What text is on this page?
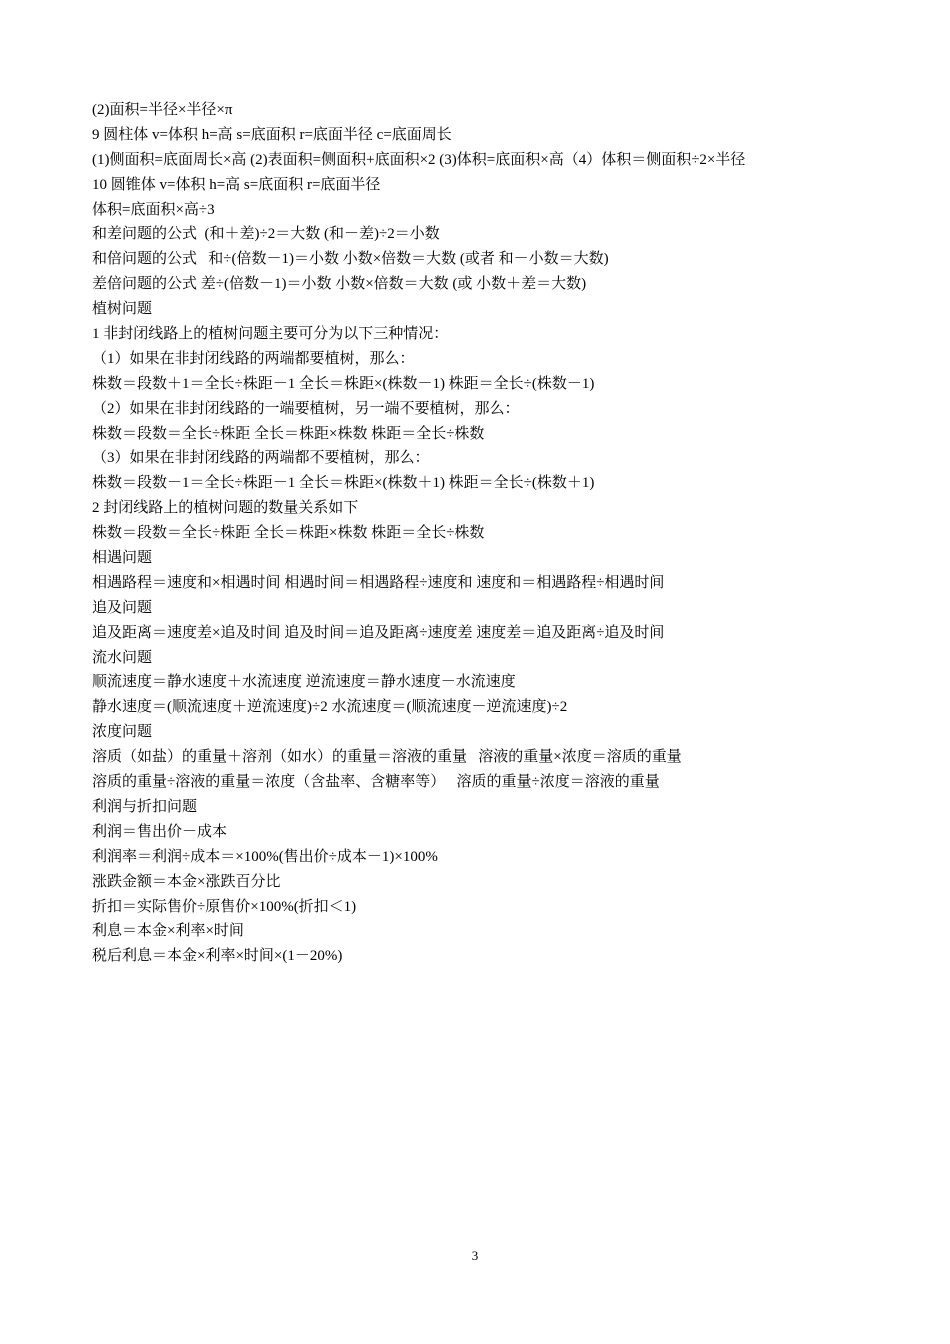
(2)面积=半径×半径×π
9 圆柱体 v=体积 h=高 s=底面积 r=底面半径 c=底面周长
(1)侧面积=底面周长×高 (2)表面积=侧面积+底面积×2 (3)体积=底面积×高（4）体积＝侧面积÷2×半径
10 圆锥体 v=体积 h=高 s=底面积 r=底面半径
体积=底面积×高÷3
和差问题的公式  (和＋差)÷2＝大数 (和－差)÷2＝小数
和倍问题的公式   和÷(倍数－1)＝小数 小数×倍数＝大数 (或者 和－小数＝大数)
差倍问题的公式 差÷(倍数－1)＝小数 小数×倍数＝大数 (或 小数＋差＝大数)
植树问题
1 非封闭线路上的植树问题主要可分为以下三种情况：
（1）如果在非封闭线路的两端都要植树，那么：
株数＝段数＋1＝全长÷株距－1 全长＝株距×(株数－1) 株距＝全长÷(株数－1)
（2）如果在非封闭线路的一端要植树，另一端不要植树，那么：
株数＝段数＝全长÷株距 全长＝株距×株数 株距＝全长÷株数
（3）如果在非封闭线路的两端都不要植树，那么：
株数＝段数－1＝全长÷株距－1 全长＝株距×(株数＋1) 株距＝全长÷(株数＋1)
2 封闭线路上的植树问题的数量关系如下
株数＝段数＝全长÷株距 全长＝株距×株数 株距＝全长÷株数
相遇问题
相遇路程＝速度和×相遇时间 相遇时间＝相遇路程÷速度和 速度和＝相遇路程÷相遇时间
追及问题
追及距离＝速度差×追及时间 追及时间＝追及距离÷速度差 速度差＝追及距离÷追及时间
流水问题
顺流速度＝静水速度＋水流速度 逆流速度＝静水速度－水流速度
静水速度＝(顺流速度＋逆流速度)÷2 水流速度＝(顺流速度－逆流速度)÷2
浓度问题
溶质（如盐）的重量＋溶剂（如水）的重量＝溶液的重量   溶液的重量×浓度＝溶质的重量
溶质的重量÷溶液的重量＝浓度（含盐率、含糖率等）   溶质的重量÷浓度＝溶液的重量
利润与折扣问题
利润＝售出价－成本
利润率＝利润÷成本＝×100%(售出价÷成本－1)×100%
涨跌金额＝本金×涨跌百分比
折扣＝实际售价÷原售价×100%(折扣＜1)
利息＝本金×利率×时间
税后利息＝本金×利率×时间×(1－20%)
3
